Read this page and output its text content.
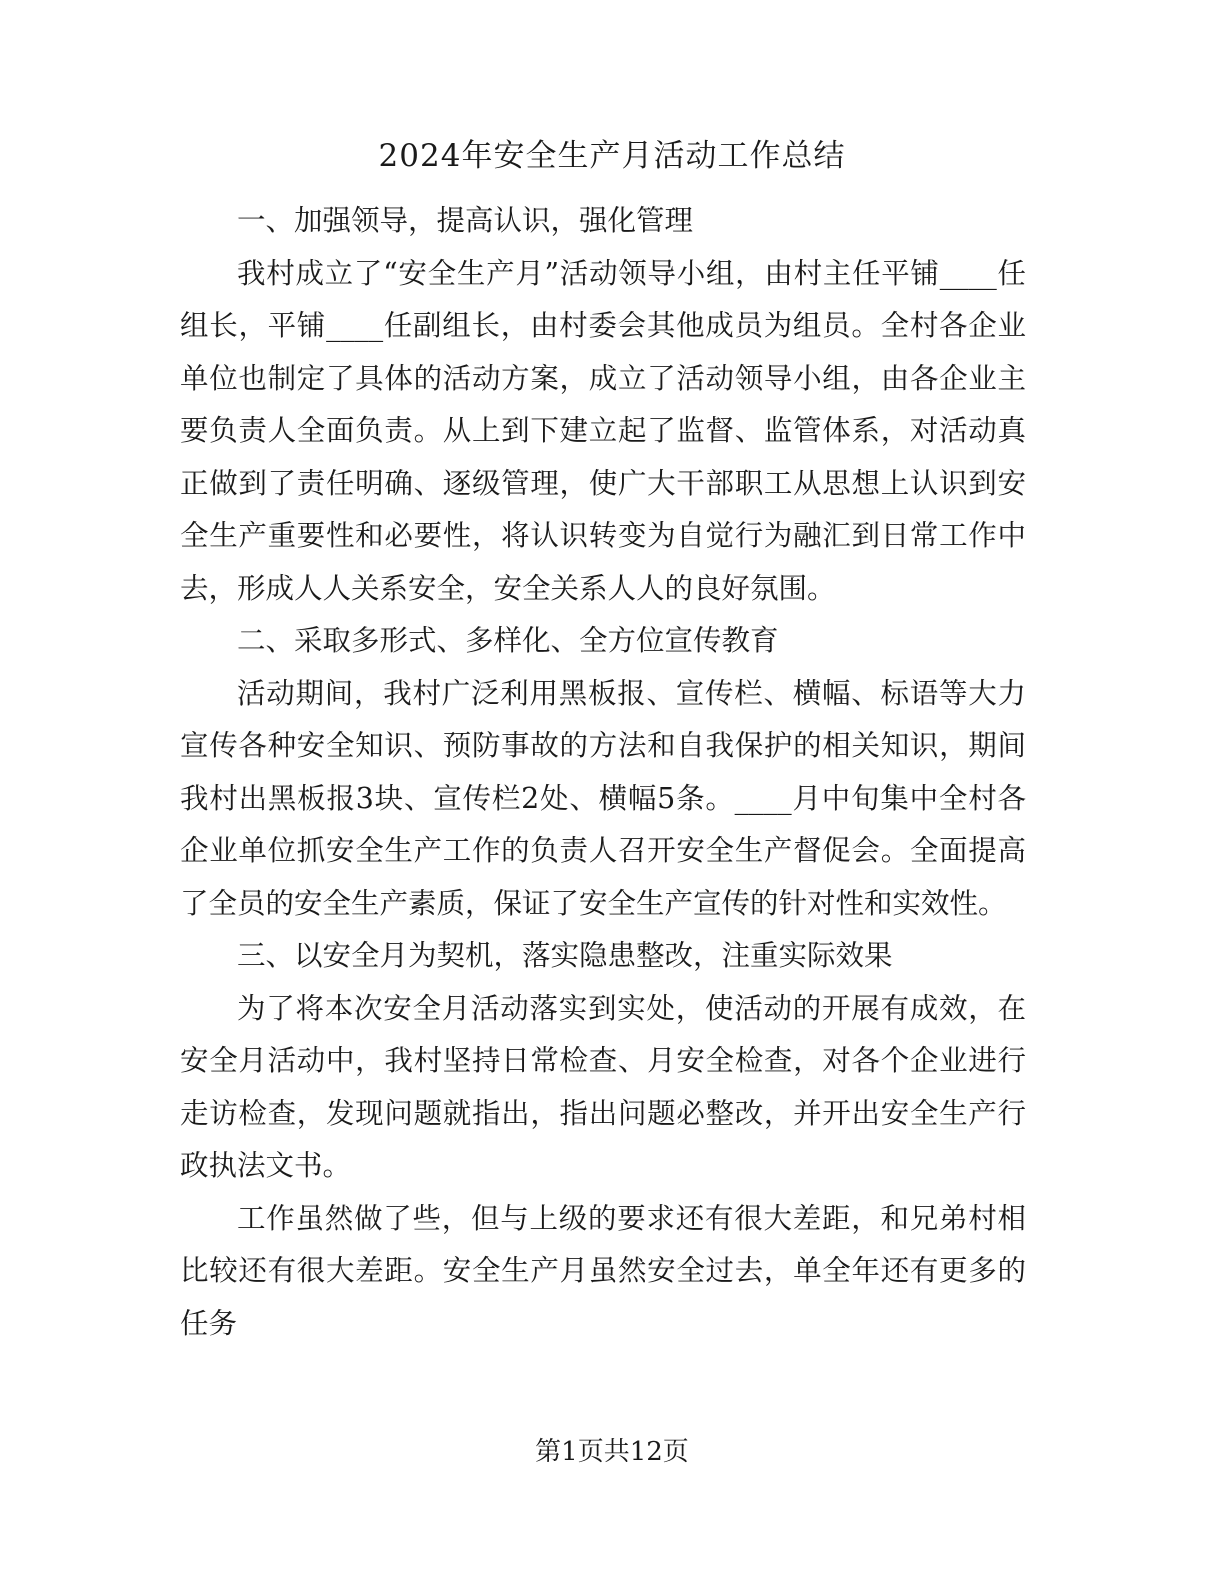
2024年安全生产月活动工作总结

一、加强领导，提高认识，强化管理

我村成立了“安全生产月”活动领导小组，由村主任平铺____任组长，平铺____任副组长，由村委会其他成员为组员。全村各企业单位也制定了具体的活动方案，成立了活动领导小组，由各企业主要负责人全面负责。从上到下建立起了监督、监管体系，对活动真正做到了责任明确、逐级管理，使广大干部职工从思想上认识到安全生产重要性和必要性，将认识转变为自觉行为融汇到日常工作中去，形成人人关系安全，安全关系人人的良好氛围。

二、采取多形式、多样化、全方位宣传教育

活动期间，我村广泛利用黑板报、宣传栏、横幅、标语等大力宣传各种安全知识、预防事故的方法和自我保护的相关知识，期间我村出黑板报3块、宣传栏2处、横幅5条。____月中旬集中全村各企业单位抓安全生产工作的负责人召开安全生产督促会。全面提高了全员的安全生产素质，保证了安全生产宣传的针对性和实效性。

三、以安全月为契机，落实隐患整改，注重实际效果

为了将本次安全月活动落实到实处，使活动的开展有成效，在安全月活动中，我村坚持日常检查、月安全检查，对各个企业进行走访检查，发现问题就指出，指出问题必整改，并开出安全生产行政执法文书。

工作虽然做了些，但与上级的要求还有很大差距，和兄弟村相比较还有很大差距。安全生产月虽然安全过去，单全年还有更多的任务

第1页共12页
